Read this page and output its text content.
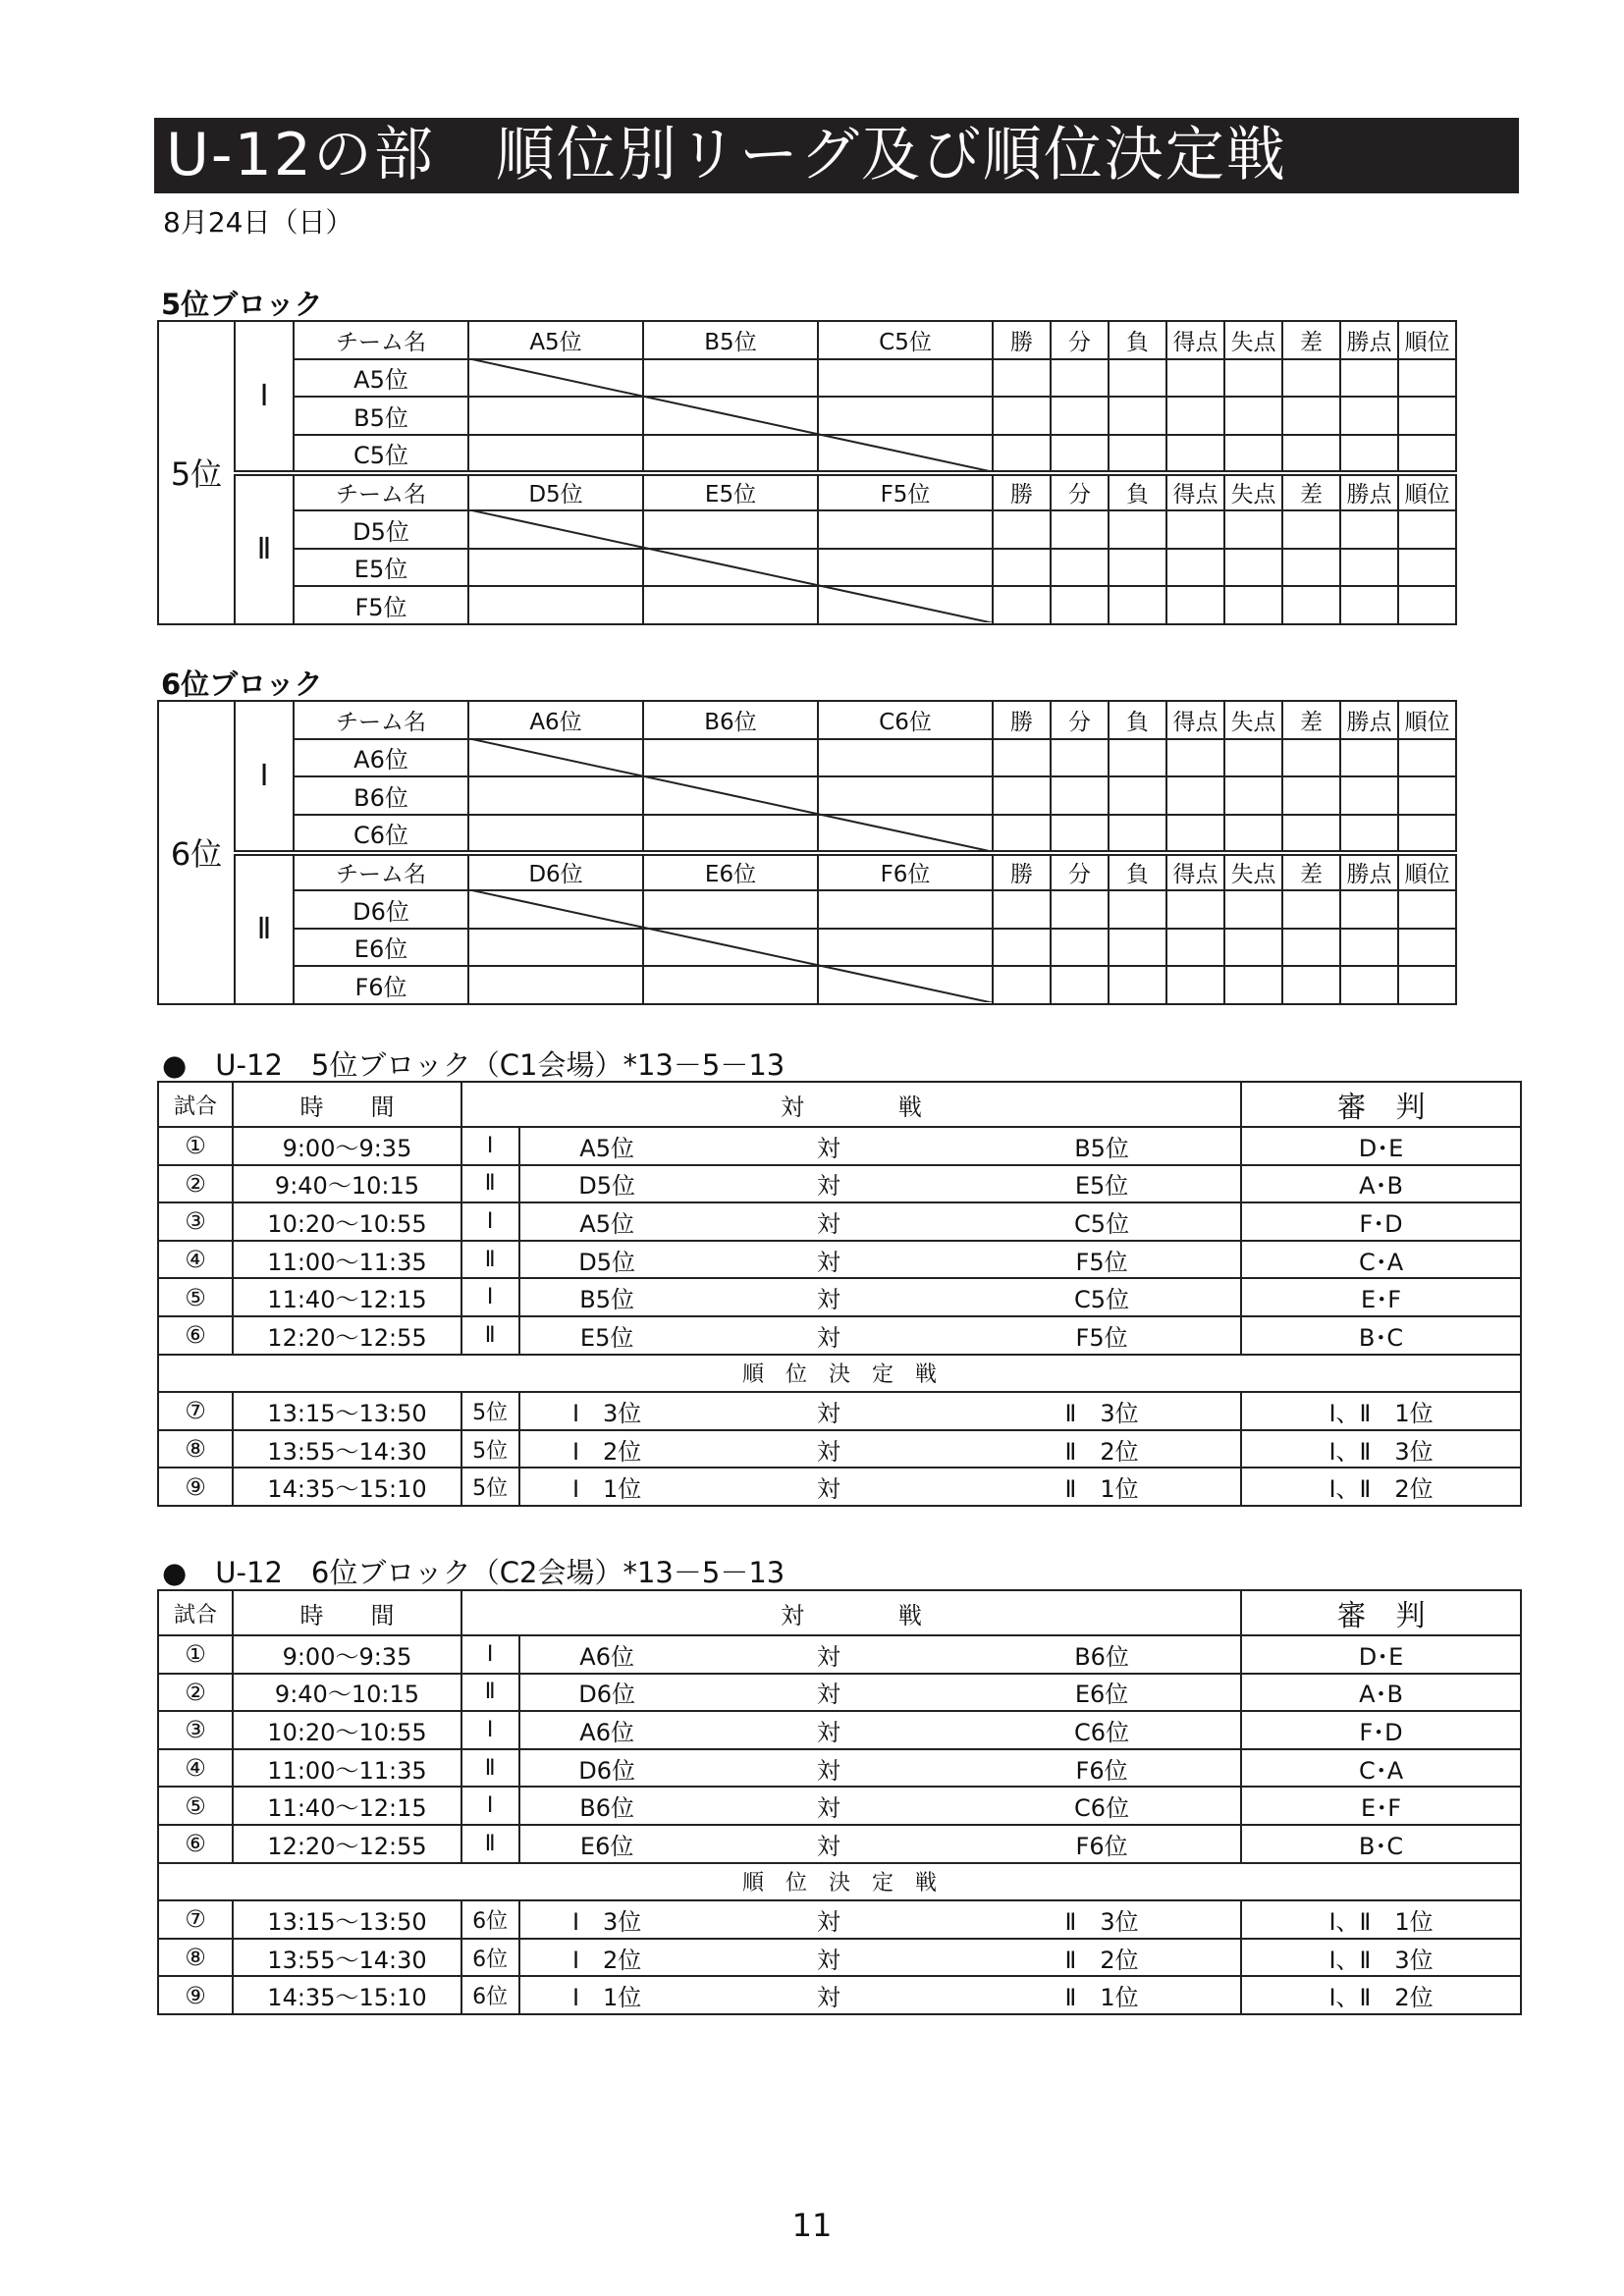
U-12の部　順位別リーグ及び順位決定戦
8月24日（日）
5位ブロック
5位	Ⅰ	チーム名	A5位	B5位	C5位	勝	分	負	得点	失点	差	勝点	順位
		A5位											
		B5位											
		C5位											
	Ⅱ	チーム名	D5位	E5位	F5位	勝	分	負	得点	失点	差	勝点	順位
		D5位											
		E5位											
		F5位											
6位ブロック
6位	Ⅰ	チーム名	A6位	B6位	C6位	勝	分	負	得点	失点	差	勝点	順位
		A6位											
		B6位											
		C6位											
	Ⅱ	チーム名	D6位	E6位	F6位	勝	分	負	得点	失点	差	勝点	順位
		D6位											
		E6位											
		F6位											
●　U-12　5位ブロック（C1会場）*13－5－13
試合	時　　間	対　　　　戦				審　判
①	9:00〜9:35	Ⅰ	A5位	対	B5位	D･E
②	9:40〜10:15	Ⅱ	D5位	対	E5位	A･B
③	10:20〜10:55	Ⅰ	A5位	対	C5位	F･D
④	11:00〜11:35	Ⅱ	D5位	対	F5位	C･A
⑤	11:40〜12:15	Ⅰ	B5位	対	C5位	E･F
⑥	12:20〜12:55	Ⅱ	E5位	対	F5位	B･C
順　位　決　定　戦						
⑦	13:15〜13:50	5位	Ⅰ　3位	対	Ⅱ　3位	Ⅰ、Ⅱ　1位
⑧	13:55〜14:30	5位	Ⅰ　2位	対	Ⅱ　2位	Ⅰ、Ⅱ　3位
⑨	14:35〜15:10	5位	Ⅰ　1位	対	Ⅱ　1位	Ⅰ、Ⅱ　2位
●　U-12　6位ブロック（C2会場）*13－5－13
試合	時　　間	対　　　　戦				審　判
①	9:00〜9:35	Ⅰ	A6位	対	B6位	D･E
②	9:40〜10:15	Ⅱ	D6位	対	E6位	A･B
③	10:20〜10:55	Ⅰ	A6位	対	C6位	F･D
④	11:00〜11:35	Ⅱ	D6位	対	F6位	C･A
⑤	11:40〜12:15	Ⅰ	B6位	対	C6位	E･F
⑥	12:20〜12:55	Ⅱ	E6位	対	F6位	B･C
順　位　決　定　戦						
⑦	13:15〜13:50	6位	Ⅰ　3位	対	Ⅱ　3位	Ⅰ、Ⅱ　1位
⑧	13:55〜14:30	6位	Ⅰ　2位	対	Ⅱ　2位	Ⅰ、Ⅱ　3位
⑨	14:35〜15:10	6位	Ⅰ　1位	対	Ⅱ　1位	Ⅰ、Ⅱ　2位
11
